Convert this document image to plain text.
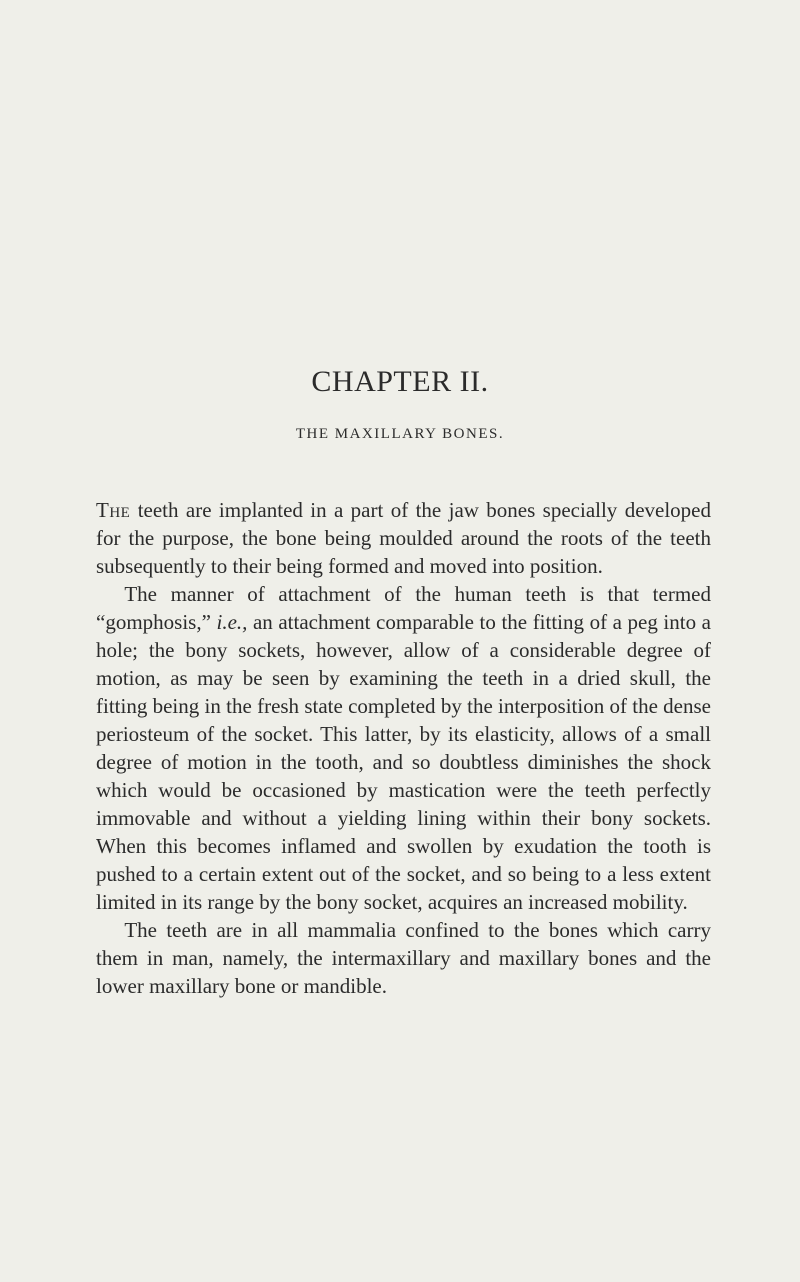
CHAPTER II.
THE MAXILLARY BONES.

The teeth are implanted in a part of the jaw bones specially developed for the purpose, the bone being moulded around the roots of the teeth subsequently to their being formed and moved into position.

The manner of attachment of the human teeth is that termed “gomphosis,” i.e., an attachment comparable to the fitting of a peg into a hole; the bony sockets, however, allow of a considerable degree of motion, as may be seen by examining the teeth in a dried skull, the fitting being in the fresh state completed by the interposition of the dense periosteum of the socket. This latter, by its elasticity, allows of a small degree of motion in the tooth, and so doubtless diminishes the shock which would be occasioned by mastication were the teeth perfectly immovable and without a yielding lining within their bony sockets. When this becomes inflamed and swollen by exudation the tooth is pushed to a certain extent out of the socket, and so being to a less extent limited in its range by the bony socket, acquires an increased mobility.

The teeth are in all mammalia confined to the bones which carry them in man, namely, the intermaxillary and maxillary bones and the lower maxillary bone or mandible.
